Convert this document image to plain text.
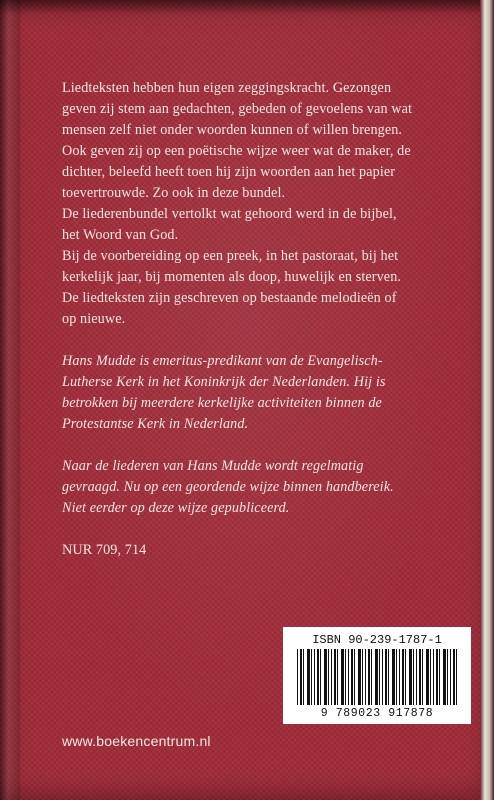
Liedteksten hebben hun eigen zeggingskracht. Gezongen

geven zij stem aan gedachten, gebeden of gevoelens van wat

mensen zelf niet onder woorden kunnen of willen brengen.

Ook geven zij op een poëtische wijze weer wat de maker, de

dichter, beleefd heeft toen hij zijn woorden aan het papier

toevertrouwde. Zo ook in deze bundel.

De liederenbundel vertolkt wat gehoord werd in de bijbel,

het Woord van God.

Bij de voorbereiding op een preek, in het pastoraat, bij het

kerkelijk jaar, bij momenten als doop, huwelijk en sterven.

De liedteksten zijn geschreven op bestaande melodieën of

op nieuwe.

Hans Mudde is emeritus-predikant van de Evangelisch-

Lutherse Kerk in het Koninkrijk der Nederlanden. Hij is

betrokken bij meerdere kerkelijke activiteiten binnen de

Protestantse Kerk in Nederland.

Naar de liederen van Hans Mudde wordt regelmatig

gevraagd. Nu op een geordende wijze binnen handbereik.

Niet eerder op deze wijze gepubliceerd.

NUR 709, 714

ISBN 90-239-1787-1
9 789023 917878
www.boekencentrum.nl
